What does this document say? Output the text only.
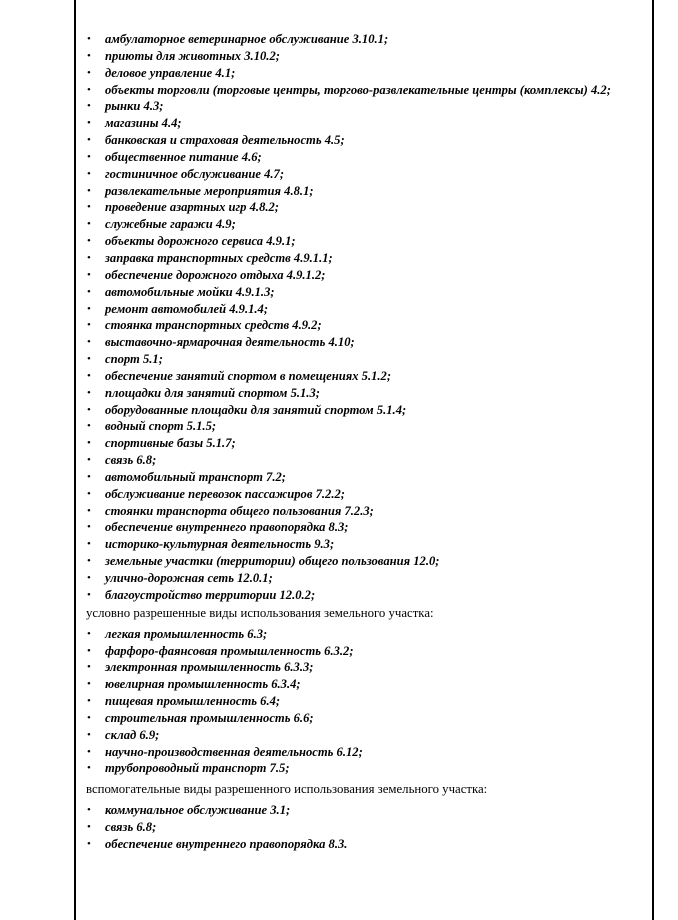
• амбулаторное ветеринарное обслуживание 3.10.1;
• приюты для животных 3.10.2;
• деловое управление 4.1;
• объекты торговли (торговые центры, торгово-развлекательные центры (комплексы) 4.2;
• рынки 4.3;
• магазины 4.4;
• банковская и страховая деятельность 4.5;
• общественное питание 4.6;
• гостиничное обслуживание 4.7;
• развлекательные мероприятия 4.8.1;
• проведение азартных игр 4.8.2;
• служебные гаражи 4.9;
• объекты дорожного сервиса 4.9.1;
• заправка транспортных средств 4.9.1.1;
• обеспечение дорожного отдыха 4.9.1.2;
• автомобильные мойки 4.9.1.3;
• ремонт автомобилей 4.9.1.4;
• стоянка транспортных средств 4.9.2;
• выставочно-ярмарочная деятельность 4.10;
• спорт 5.1;
• обеспечение занятий спортом в помещениях 5.1.2;
• площадки для занятий спортом 5.1.3;
• оборудованные площадки для занятий спортом 5.1.4;
• водный спорт 5.1.5;
• спортивные базы 5.1.7;
• связь 6.8;
• автомобильный транспорт 7.2;
• обслуживание перевозок пассажиров 7.2.2;
• стоянки транспорта общего пользования 7.2.3;
• обеспечение внутреннего правопорядка 8.3;
• историко-культурная деятельность 9.3;
• земельные участки (территории) общего пользования 12.0;
• улично-дорожная сеть 12.0.1;
• благоустройство территории 12.0.2;
условно разрешенные виды использования земельного участка:
• легкая промышленность 6.3;
• фарфоро-фаянсовая промышленность 6.3.2;
• электронная промышленность 6.3.3;
• ювелирная промышленность 6.3.4;
• пищевая промышленность 6.4;
• строительная промышленность 6.6;
• склад 6.9;
• научно-производственная деятельность 6.12;
• трубопроводный транспорт 7.5;
вспомогательные виды разрешенного использования земельного участка:
• коммунальное обслуживание 3.1;
• связь 6.8;
• обеспечение внутреннего правопорядка 8.3.
